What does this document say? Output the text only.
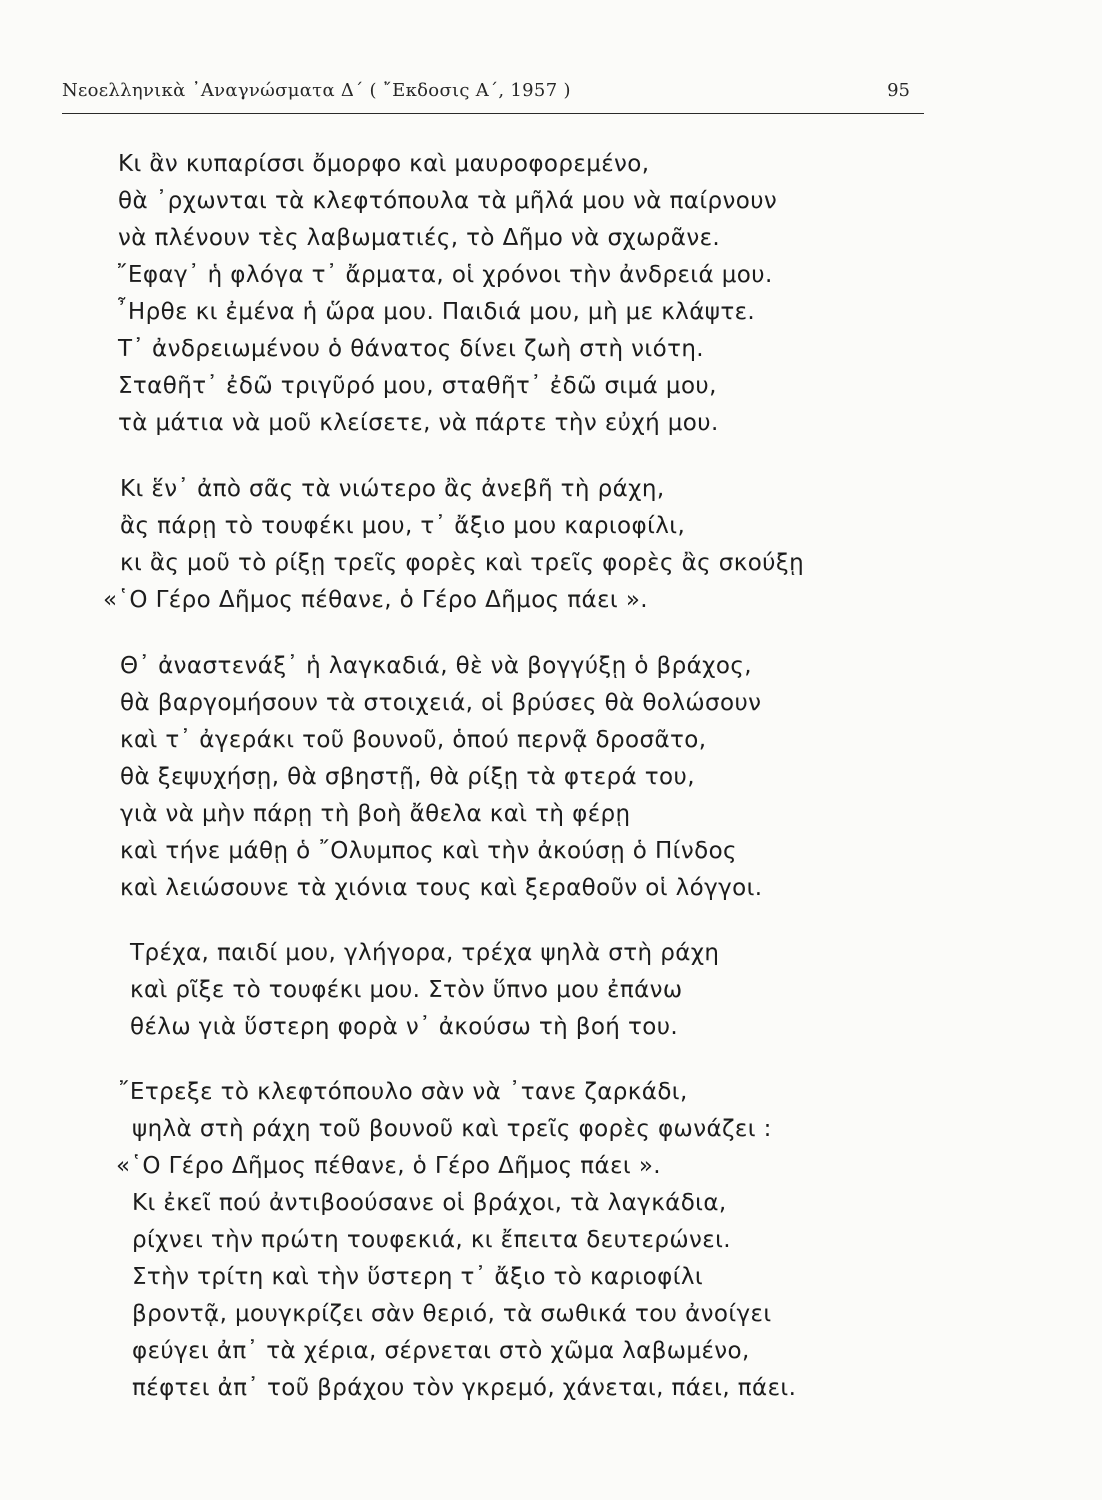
Νεοελληνικὰ ᾿Αναγνώσματα Δ΄ ( ῎Εκδοσις Α΄, 1957 )	95
Κι ἂν κυπαρίσσι ὄμορφο καὶ μαυροφορεμένο,
θὰ ᾿ρχωνται τὰ κλεφτόπουλα τὰ μῆλά μου νὰ παίρνουν
νὰ πλένουν τὲς λαβωματιές, τὸ Δῆμο νὰ σχωρᾶνε.
῎Εφαγ᾿ ἡ φλόγα τ᾿ ἄρματα, οἱ χρόνοι τὴν ἀνδρειά μου.
῏Ηρθε κι ἐμένα ἡ ὥρα μου. Παιδιά μου, μὴ με κλάψτε.
Τ᾿ ἀνδρειωμένου ὁ θάνατος δίνει ζωὴ στὴ νιότη.
Σταθῆτ᾿ ἐδῶ τριγῦρό μου, σταθῆτ᾿ ἐδῶ σιμά μου,
τὰ μάτια νὰ μοῦ κλείσετε, νὰ πάρτε τὴν εὐχή μου.
Κι ἕν᾿ ἀπὸ σᾶς τὰ νιώτερο ἂς ἀνεβῆ τὴ ράχη,
ἂς πάρῃ τὸ τουφέκι μου, τ᾿ ἄξιο μου καριοφίλι,
κι ἂς μοῦ τὸ ρίξῃ τρεῖς φορὲς καὶ τρεῖς φορὲς ἂς σκούξῃ
«῾Ο Γέρο Δῆμος πέθανε, ὁ Γέρο Δῆμος πάει ».
Θ᾿ ἀναστενάξ᾿ ἡ λαγκαδιά, θὲ νὰ βογγύξῃ ὁ βράχος,
θὰ βαργομήσουν τὰ στοιχειά, οἱ βρύσες θὰ θολώσουν
καὶ τ᾿ ἀγεράκι τοῦ βουνοῦ, ὁπού περνᾷ δροσᾶτο,
θὰ ξεψυχήσῃ, θὰ σβηστῇ, θὰ ρίξῃ τὰ φτερά του,
γιὰ νὰ μὴν πάρῃ τὴ βοὴ ἄθελα καὶ τὴ φέρῃ
καὶ τήνε μάθῃ ὁ ῎Ολυμπος καὶ τὴν ἀκούσῃ ὁ Πίνδος
καὶ λειώσουνε τὰ χιόνια τους καὶ ξεραθοῦν οἱ λόγγοι.
Τρέχα, παιδί μου, γλήγορα, τρέχα ψηλὰ στὴ ράχη
καὶ ρῖξε τὸ τουφέκι μου. Στὸν ὕπνο μου ἐπάνω
θέλω γιὰ ὕστερη φορὰ ν᾿ ἀκούσω τὴ βοή του.
῎Ετρεξε τὸ κλεφτόπουλο σὰν νὰ ᾿τανε ζαρκάδι,
ψηλὰ στὴ ράχη τοῦ βουνοῦ καὶ τρεῖς φορὲς φωνάζει :
«῾Ο Γέρο Δῆμος πέθανε, ὁ Γέρο Δῆμος πάει ».
Κι ἐκεῖ πού ἀντιβοούσανε οἱ βράχοι, τὰ λαγκάδια,
ρίχνει τὴν πρώτη τουφεκιά, κι ἔπειτα δευτερώνει.
Στὴν τρίτη καὶ τὴν ὕστερη τ᾿ ἄξιο τὸ καριοφίλι
βροντᾷ, μουγκρίζει σὰν θεριό, τὰ σωθικά του ἀνοίγει
φεύγει ἀπ᾿ τὰ χέρια, σέρνεται στὸ χῶμα λαβωμένο,
πέφτει ἀπ᾿ τοῦ βράχου τὸν γκρεμό, χάνεται, πάει, πάει.
